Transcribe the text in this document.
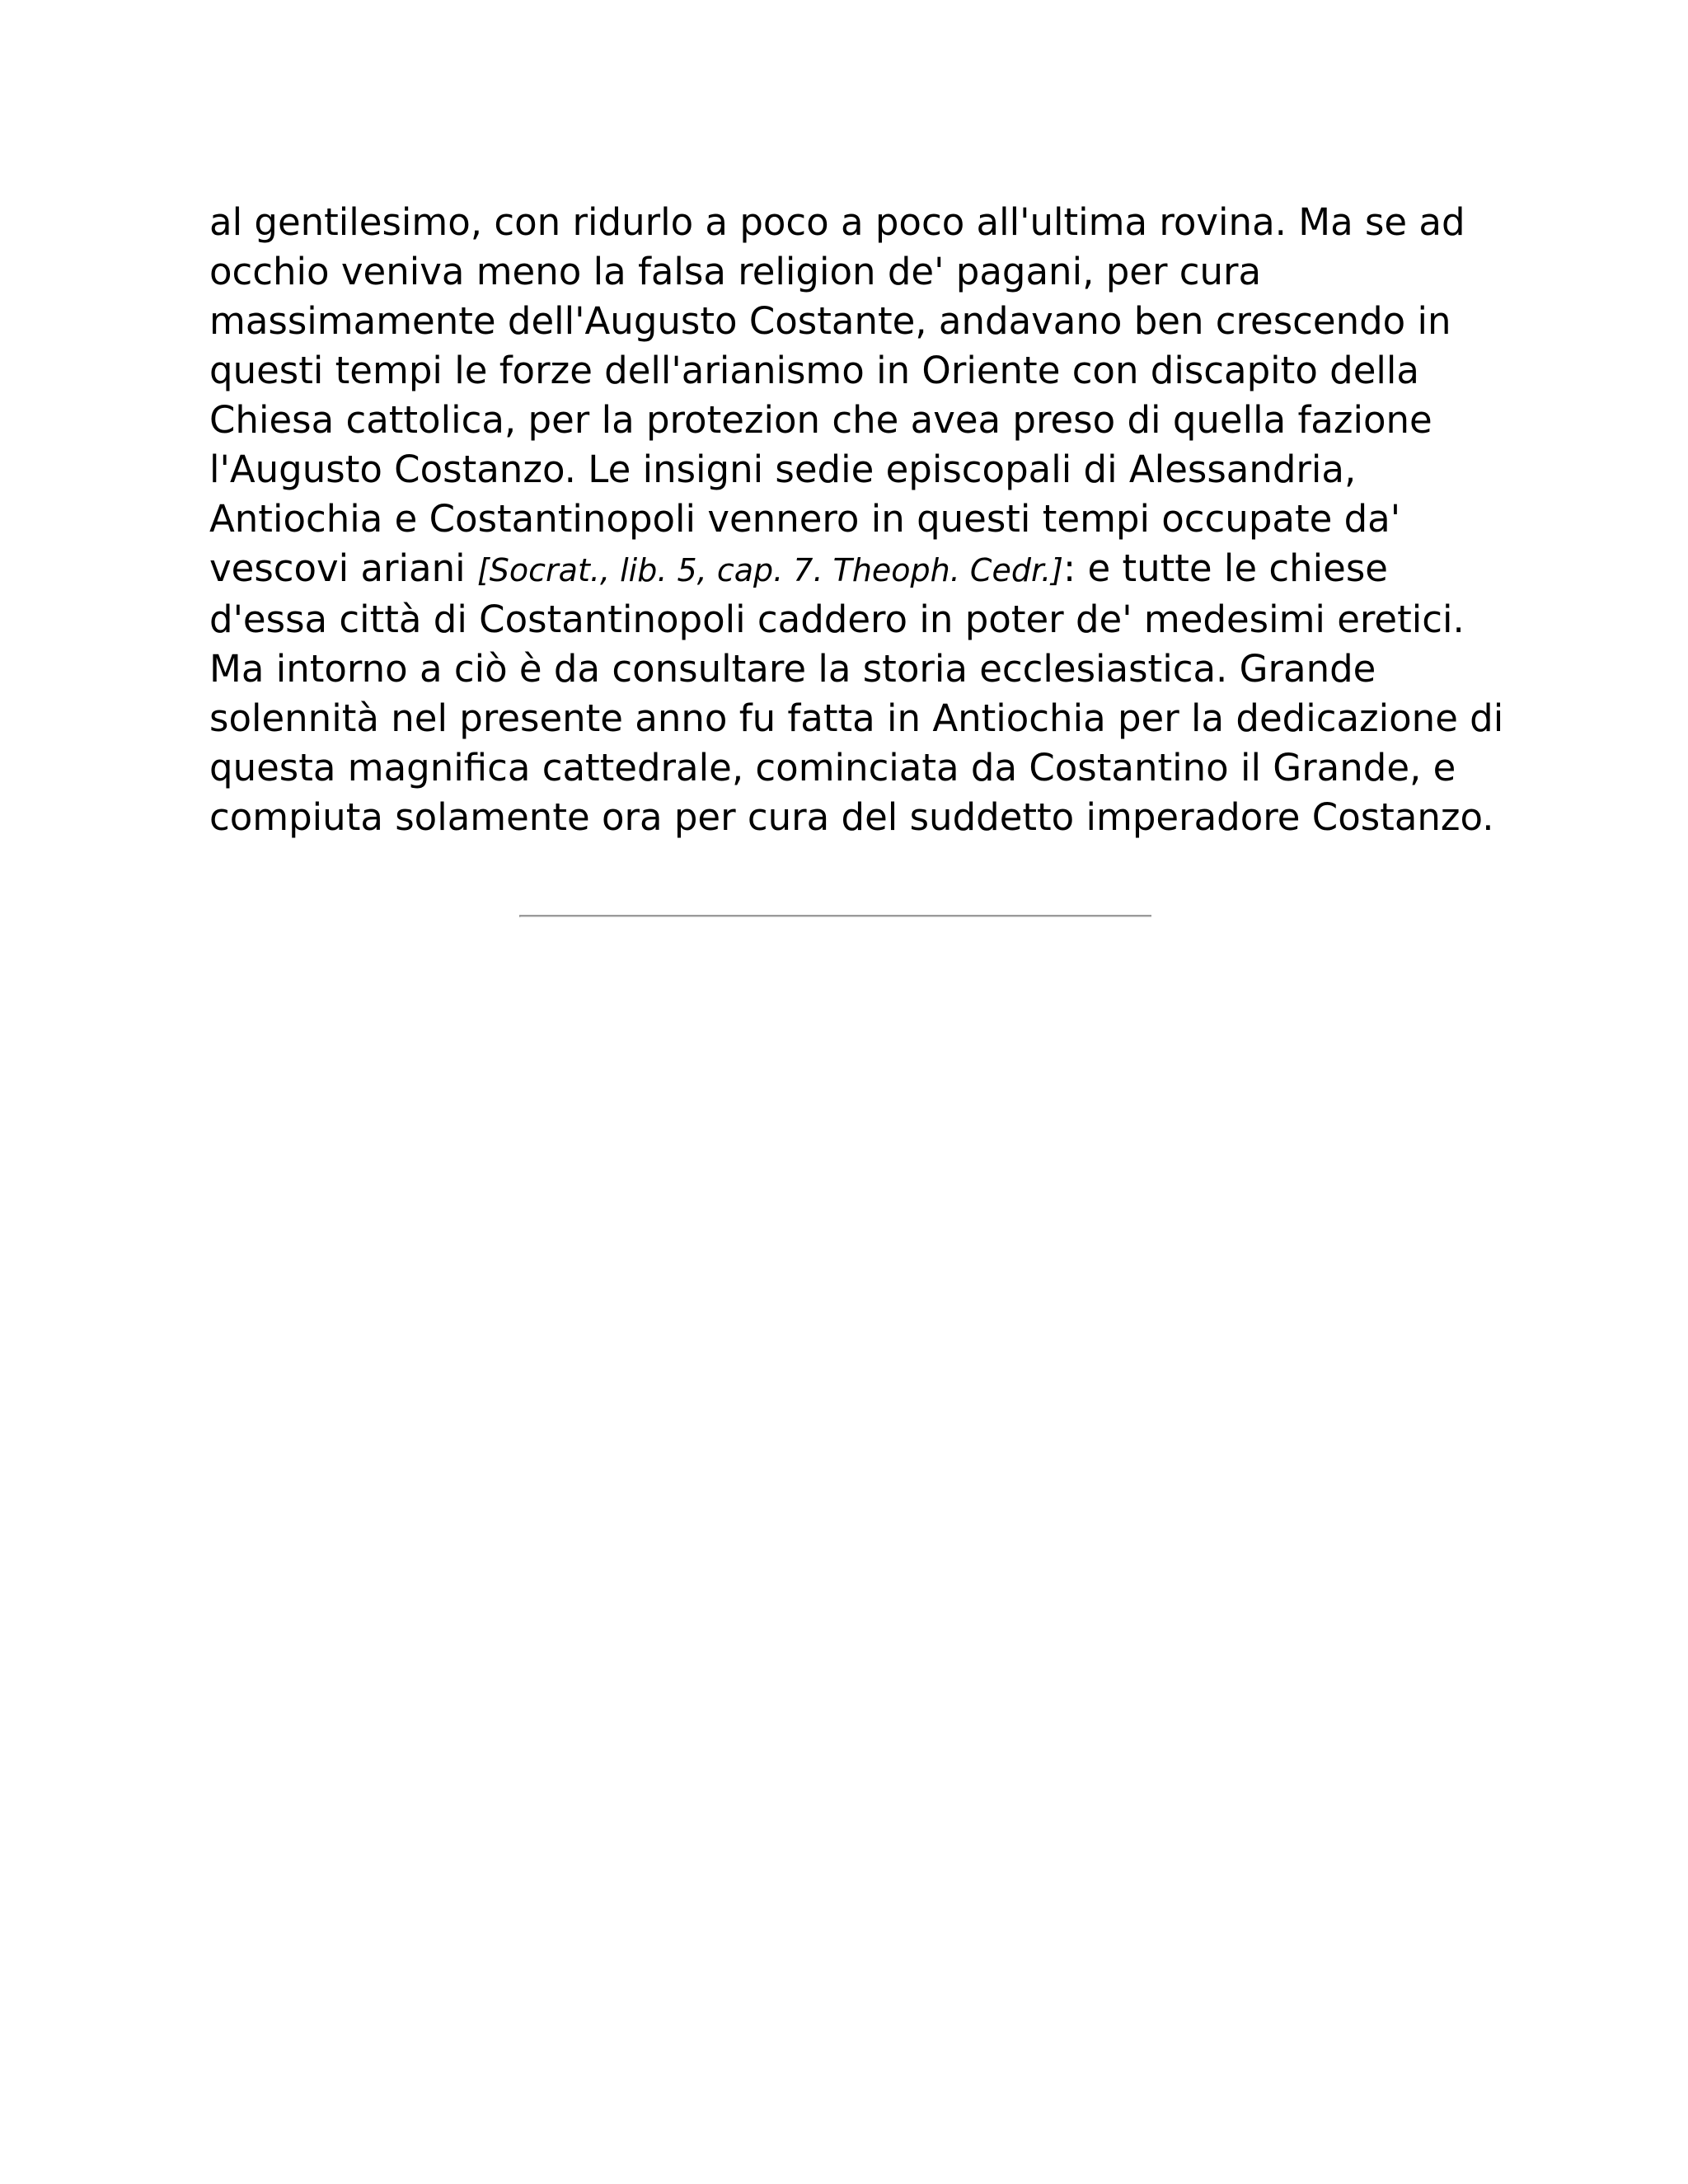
al gentilesimo, con ridurlo a poco a poco all'ultima rovina. Ma se ad
occhio veniva meno la falsa religion de' pagani, per cura
massimamente dell'Augusto Costante, andavano ben crescendo in
questi tempi le forze dell'arianismo in Oriente con discapito della
Chiesa cattolica, per la protezion che avea preso di quella fazione
l'Augusto Costanzo. Le insigni sedie episcopali di Alessandria,
Antiochia e Costantinopoli vennero in questi tempi occupate da'
vescovi ariani [Socrat., lib. 5, cap. 7. Theoph. Cedr.]: e tutte le chiese
d'essa città di Costantinopoli caddero in poter de' medesimi eretici.
Ma intorno a ciò è da consultare la storia ecclesiastica. Grande
solennità nel presente anno fu fatta in Antiochia per la dedicazione di
questa magnifica cattedrale, cominciata da Costantino il Grande, e
compiuta solamente ora per cura del suddetto imperadore Costanzo.
